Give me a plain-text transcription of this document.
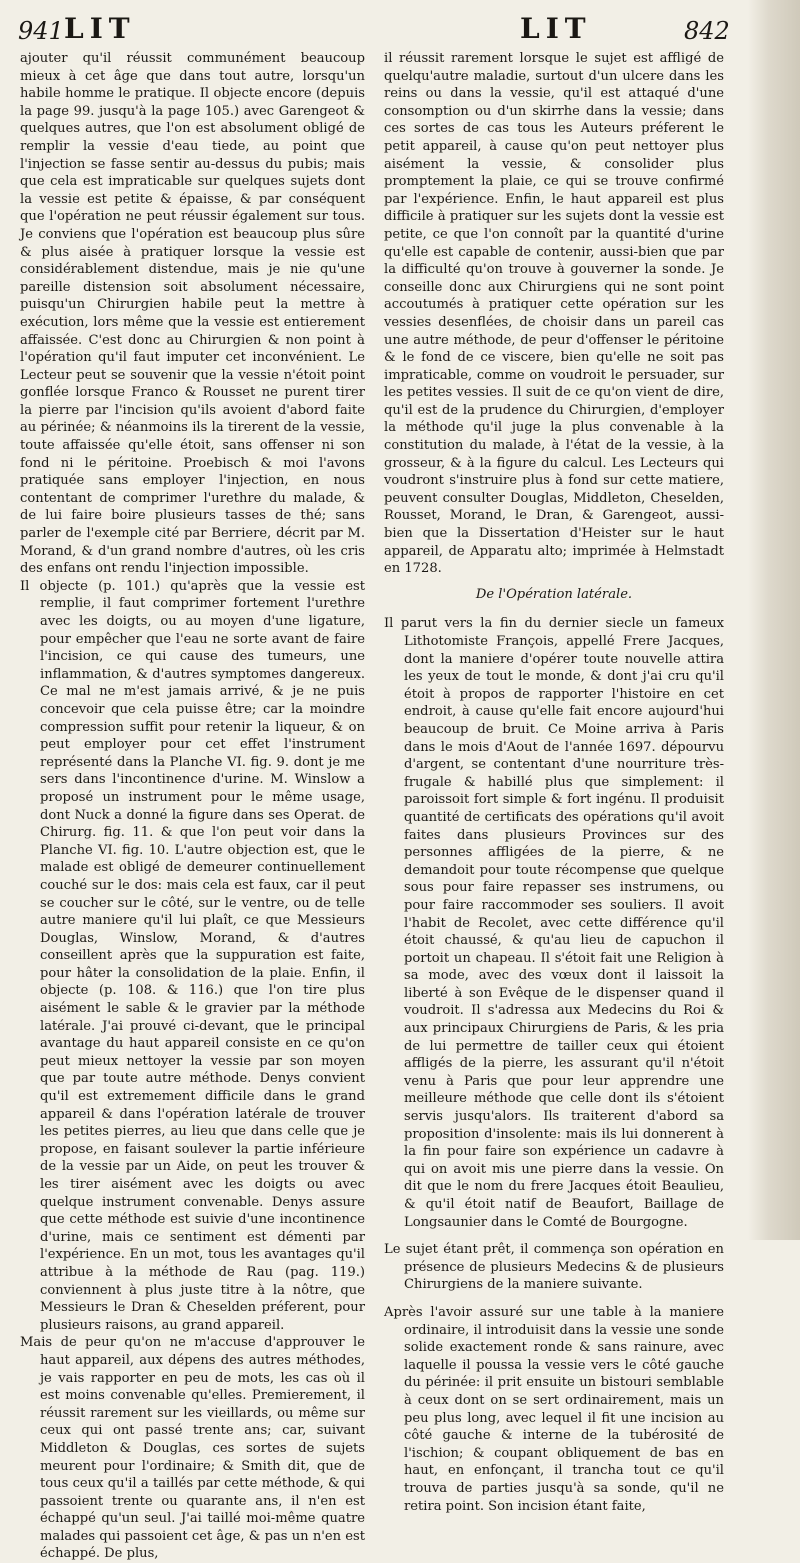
LIT
941	LIT	842

ajouter qu'il réussit communément beaucoup mieux à cet âge que dans tout autre, lorsqu'un habile homme le pratique. Il objecte encore (depuis la page 99. jusqu'à la page 105.) avec Garengeot & quelques autres, que l'on est absolument obligé de remplir la vessie d'eau tiede, au point que l'injection se fasse sentir au-dessus du pubis; mais que cela est impraticable sur quelques sujets dont la vessie est petite & épaisse, & par conséquent que l'opération ne peut réussir également sur tous. Je conviens que l'opération est beaucoup plus sûre & plus aisée à pratiquer lorsque la vessie est considérablement distendue, mais je nie qu'une pareille distension soit absolument nécessaire, puisqu'un Chirurgien habile peut la mettre à exécution, lors même que la vessie est entierement affaissée. C'est donc au Chirurgien & non point à l'opération qu'il faut imputer cet inconvénient. Le Lecteur peut se souvenir que la vessie n'étoit point gonflée lorsque Franco & Rousset ne purent tirer la pierre par l'incision qu'ils avoient d'abord faite au périnée; & néanmoins ils la tirerent de la vessie, toute affaissée qu'elle étoit, sans offenser ni son fond ni le péritoine. Proebisch & moi l'avons pratiquée sans employer l'injection, en nous contentant de comprimer l'urethre du malade, & de lui faire boire plusieurs tasses de thé; sans parler de l'exemple cité par Berriere, décrit par M. Morand, & d'un grand nombre d'autres, où les cris des enfans ont rendu l'injection impossible.

Il objecte (p. 101.) qu'après que la vessie est remplie, il faut comprimer fortement l'urethre avec les doigts, ou au moyen d'une ligature, pour empêcher que l'eau ne sorte avant de faire l'incision, ce qui cause des tumeurs, une inflammation, & d'autres symptomes dangereux. Ce mal ne m'est jamais arrivé, & je ne puis concevoir que cela puisse être; car la moindre compression suffit pour retenir la liqueur, & on peut employer pour cet effet l'instrument représenté dans la Planche VI. fig. 9. dont je me sers dans l'incontinence d'urine. M. Winslow a proposé un instrument pour le même usage, dont Nuck a donné la figure dans ses Operat. de Chirurg. fig. 11. & que l'on peut voir dans la Planche VI. fig. 10. L'autre objection est, que le malade est obligé de demeurer continuellement couché sur le dos: mais cela est faux, car il peut se coucher sur le côté, sur le ventre, ou de telle autre maniere qu'il lui plaît, ce que Messieurs Douglas, Winslow, Morand, & d'autres conseillent après que la suppuration est faite, pour hâter la consolidation de la plaie. Enfin, il objecte (p. 108. & 116.) que l'on tire plus aisément le sable & le gravier par la méthode latérale. J'ai prouvé ci-devant, que le principal avantage du haut appareil consiste en ce qu'on peut mieux nettoyer la vessie par son moyen que par toute autre méthode. Denys convient qu'il est extremement difficile dans le grand appareil & dans l'opération latérale de trouver les petites pierres, au lieu que dans celle que je propose, en faisant soulever la partie inférieure de la vessie par un Aide, on peut les trouver & les tirer aisément avec les doigts ou avec quelque instrument convenable. Denys assure que cette méthode est suivie d'une incontinence d'urine, mais ce sentiment est démenti par l'expérience. En un mot, tous les avantages qu'il attribue à la méthode de Rau (pag. 119.) conviennent à plus juste titre à la nôtre, que Messieurs le Dran & Cheselden préferent, pour plusieurs raisons, au grand appareil.

Mais de peur qu'on ne m'accuse d'approuver le haut appareil, aux dépens des autres méthodes, je vais rapporter en peu de mots, les cas où il est moins convenable qu'elles. Premierement, il réussit rarement sur les vieillards, ou même sur ceux qui ont passé trente ans; car, suivant Middleton & Douglas, ces sortes de sujets meurent pour l'ordinaire; & Smith dit, que de tous ceux qu'il a taillés par cette méthode, & qui passoient trente ou quarante ans, il n'en est échappé qu'un seul. J'ai taillé moi-même quatre malades qui passoient cet âge, & pas un n'en est échappé. De plus,

il réussit rarement lorsque le sujet est affligé de quelqu'autre maladie, surtout d'un ulcere dans les reins ou dans la vessie, qu'il est attaqué d'une consomption ou d'un skirrhe dans la vessie; dans ces sortes de cas tous les Auteurs préferent le petit appareil, à cause qu'on peut nettoyer plus aisément la vessie, & consolider plus promptement la plaie, ce qui se trouve confirmé par l'expérience. Enfin, le haut appareil est plus difficile à pratiquer sur les sujets dont la vessie est petite, ce que l'on connoît par la quantité d'urine qu'elle est capable de contenir, aussi-bien que par la difficulté qu'on trouve à gouverner la sonde. Je conseille donc aux Chirurgiens qui ne sont point accoutumés à pratiquer cette opération sur les vessies desenflées, de choisir dans un pareil cas une autre méthode, de peur d'offenser le péritoine & le fond de ce viscere, bien qu'elle ne soit pas impraticable, comme on voudroit le persuader, sur les petites vessies. Il suit de ce qu'on vient de dire, qu'il est de la prudence du Chirurgien, d'employer la méthode qu'il juge la plus convenable à la constitution du malade, à l'état de la vessie, à la grosseur, & à la figure du calcul. Les Lecteurs qui voudront s'instruire plus à fond sur cette matiere, peuvent consulter Douglas, Middleton, Cheselden, Rousset, Morand, le Dran, & Garengeot, aussi-bien que la Dissertation d'Heister sur le haut appareil, de Apparatu alto; imprimée à Helmstadt en 1728.

De l'Opération latérale.

Il parut vers la fin du dernier siecle un fameux Lithotomiste François, appellé Frere Jacques, dont la maniere d'opérer toute nouvelle attira les yeux de tout le monde, & dont j'ai cru qu'il étoit à propos de rapporter l'histoire en cet endroit, à cause qu'elle fait encore aujourd'hui beaucoup de bruit. Ce Moine arriva à Paris dans le mois d'Aout de l'année 1697. dépourvu d'argent, se contentant d'une nourriture très-frugale & habillé plus que simplement: il paroissoit fort simple & fort ingénu. Il produisit quantité de certificats des opérations qu'il avoit faites dans plusieurs Provinces sur des personnes affligées de la pierre, & ne demandoit pour toute récompense que quelque sous pour faire repasser ses instrumens, ou pour faire raccommoder ses souliers. Il avoit l'habit de Recolet, avec cette différence qu'il étoit chaussé, & qu'au lieu de capuchon il portoit un chapeau. Il s'étoit fait une Religion à sa mode, avec des vœux dont il laissoit la liberté à son Evêque de le dispenser quand il voudroit. Il s'adressa aux Medecins du Roi & aux principaux Chirurgiens de Paris, & les pria de lui permettre de tailler ceux qui étoient affligés de la pierre, les assurant qu'il n'étoit venu à Paris que pour leur apprendre une meilleure méthode que celle dont ils s'étoient servis jusqu'alors. Ils traiterent d'abord sa proposition d'insolente: mais ils lui donnerent à la fin pour faire son expérience un cadavre à qui on avoit mis une pierre dans la vessie. On dit que le nom du frere Jacques étoit Beaulieu, & qu'il étoit natif de Beaufort, Baillage de Longsaunier dans le Comté de Bourgogne.

Le sujet étant prêt, il commença son opération en présence de plusieurs Medecins & de plusieurs Chirurgiens de la maniere suivante.

Après l'avoir assuré sur une table à la maniere ordinaire, il introduisit dans la vessie une sonde solide exactement ronde & sans rainure, avec laquelle il poussa la vessie vers le côté gauche du périnée: il prit ensuite un bistouri semblable à ceux dont on se sert ordinairement, mais un peu plus long, avec lequel il fit une incision au côté gauche & interne de la tubérosité de l'ischion; & coupant obliquement de bas en haut, en enfonçant, il trancha tout ce qu'il trouva de parties jusqu'à sa sonde, qu'il ne retira point. Son incision étant faite,
